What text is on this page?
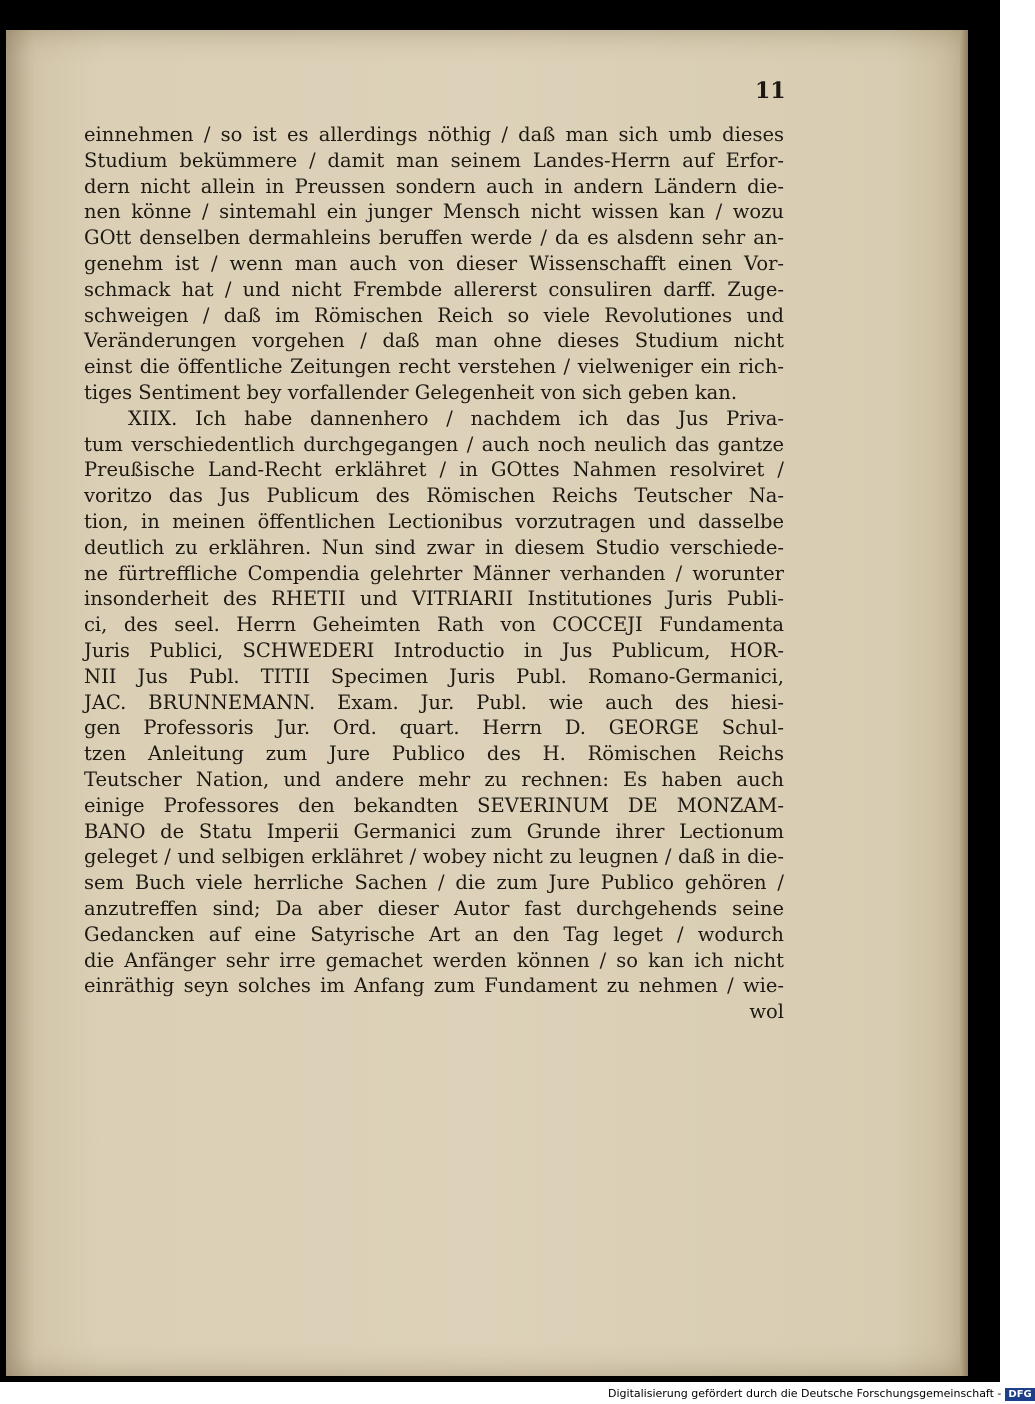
11
einnehmen / so ist es allerdings nöthig / daß man sich umb dieses
Studium bekümmere / damit man seinem Landes-Herrn auf Erfor-
dern nicht allein in Preussen sondern auch in andern Ländern die-
nen könne / sintemahl ein junger Mensch nicht wissen kan / wozu
GOtt denselben dermahleins beruffen werde / da es alsdenn sehr an-
genehm ist / wenn man auch von dieser Wissenschafft einen Vor-
schmack hat / und nicht Frembde allererst consuliren darff. Zuge-
schweigen / daß im Römischen Reich so viele Revolutiones und
Veränderungen vorgehen / daß man ohne dieses Studium nicht
einst die öffentliche Zeitungen recht verstehen / vielweniger ein rich-
tiges Sentiment bey vorfallender Gelegenheit von sich geben kan.
XIIX. Ich habe dannenhero / nachdem ich das Jus Priva-
tum verschiedentlich durchgegangen / auch noch neulich das gantze
Preußische Land-Recht erklähret / in GOttes Nahmen resolviret /
voritzo das Jus Publicum des Römischen Reichs Teutscher Na-
tion, in meinen öffentlichen Lectionibus vorzutragen und dasselbe
deutlich zu erklähren. Nun sind zwar in diesem Studio verschiede-
ne fürtreffliche Compendia gelehrter Männer verhanden / worunter
insonderheit des RHETII und VITRIARII Institutiones Juris Publi-
ci, des seel. Herrn Geheimten Rath von COCCEJI Fundamenta
Juris Publici, SCHWEDERI Introductio in Jus Publicum, HOR-
NII Jus Publ. TITII Specimen Juris Publ. Romano-Germanici,
JAC. BRUNNEMANN. Exam. Jur. Publ. wie auch des hiesi-
gen Professoris Jur. Ord. quart. Herrn D. GEORGE Schul-
tzen Anleitung zum Jure Publico des H. Römischen Reichs
Teutscher Nation, und andere mehr zu rechnen: Es haben auch
einige Professores den bekandten SEVERINUM DE MONZAM-
BANO de Statu Imperii Germanici zum Grunde ihrer Lectionum
geleget / und selbigen erklähret / wobey nicht zu leugnen / daß in die-
sem Buch viele herrliche Sachen / die zum Jure Publico gehören /
anzutreffen sind; Da aber dieser Autor fast durchgehends seine
Gedancken auf eine Satyrische Art an den Tag leget / wodurch
die Anfänger sehr irre gemachet werden können / so kan ich nicht
einräthig seyn solches im Anfang zum Fundament zu nehmen / wie-
wol
Digitalisierung gefördert durch die Deutsche Forschungsgemeinschaft - DFG
